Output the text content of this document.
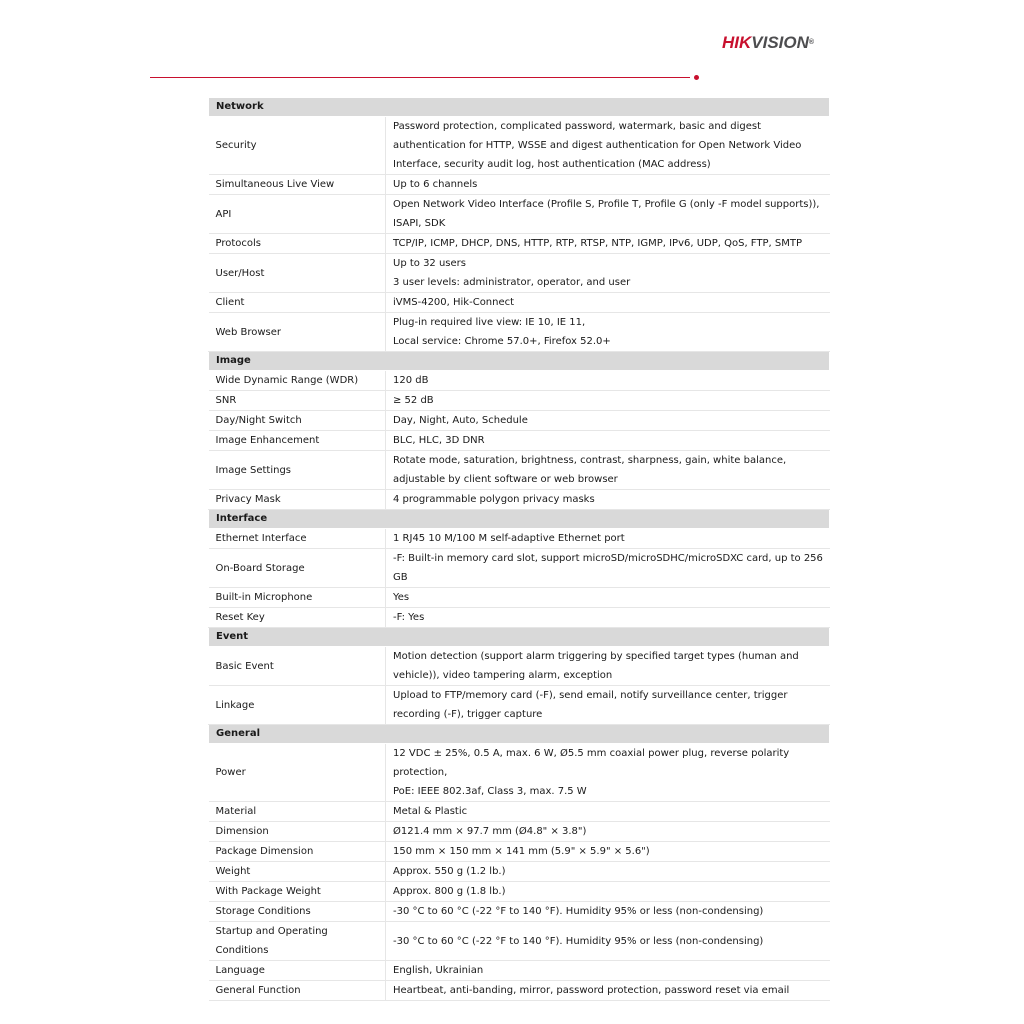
HIKVISION®
Network	

Security	Password protection, complicated password, watermark, basic and digest
authentication for HTTP, WSSE and digest authentication for Open Network Video
Interface, security audit log, host authentication (MAC address)

Simultaneous Live View	Up to 6 channels

API	Open Network Video Interface (Profile S, Profile T, Profile G (only -F model supports)),
ISAPI, SDK

Protocols	TCP/IP, ICMP, DHCP, DNS, HTTP, RTP, RTSP, NTP, IGMP, IPv6, UDP, QoS, FTP, SMTP

User/Host	Up to 32 users
3 user levels: administrator, operator, and user

Client	iVMS-4200, Hik-Connect

Web Browser	Plug-in required live view: IE 10, IE 11,
Local service: Chrome 57.0+, Firefox 52.0+

Image	

Wide Dynamic Range (WDR)	120 dB

SNR	≥ 52 dB

Day/Night Switch	Day, Night, Auto, Schedule

Image Enhancement	BLC, HLC, 3D DNR

Image Settings	Rotate mode, saturation, brightness, contrast, sharpness, gain, white balance,
adjustable by client software or web browser

Privacy Mask	4 programmable polygon privacy masks

Interface	

Ethernet Interface	1 RJ45 10 M/100 M self-adaptive Ethernet port

On-Board Storage	-F: Built-in memory card slot, support microSD/microSDHC/microSDXC card, up to 256
GB

Built-in Microphone	Yes

Reset Key	-F: Yes

Event	

Basic Event	Motion detection (support alarm triggering by specified target types (human and
vehicle)), video tampering alarm, exception

Linkage	Upload to FTP/memory card (-F), send email, notify surveillance center, trigger
recording (-F), trigger capture

General	

Power	12 VDC ± 25%, 0.5 A, max. 6 W, Ø5.5 mm coaxial power plug, reverse polarity
protection,
PoE: IEEE 802.3af, Class 3, max. 7.5 W

Material	Metal & Plastic

Dimension	Ø121.4 mm × 97.7 mm (Ø4.8" × 3.8")

Package Dimension	150 mm × 150 mm × 141 mm (5.9" × 5.9" × 5.6")

Weight	Approx. 550 g (1.2 lb.)

With Package Weight	Approx. 800 g (1.8 lb.)

Storage Conditions	-30 °C to 60 °C (-22 °F to 140 °F). Humidity 95% or less (non-condensing)

Startup and Operating
Conditions	-30 °C to 60 °C (-22 °F to 140 °F). Humidity 95% or less (non-condensing)

Language	English, Ukrainian

General Function	Heartbeat, anti-banding, mirror, password protection, password reset via email
